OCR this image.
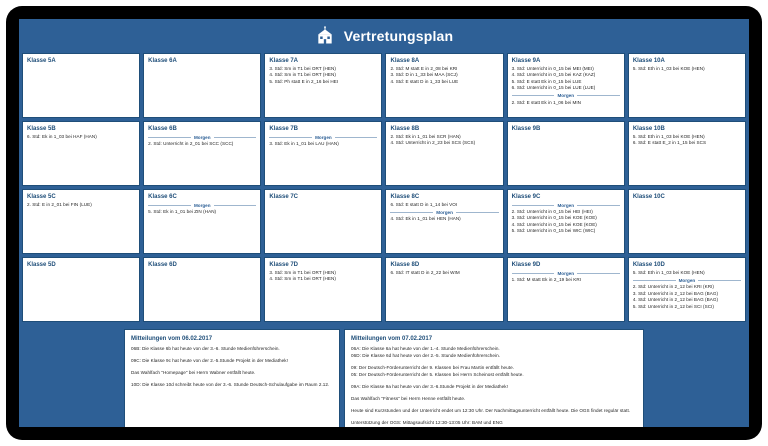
Vertretungsplan
Klasse 5A	Klasse 6A	Klasse 7A
3. Std: Sm in T1 bei ORT (HEN)
4. Std: Sm in T1 bei ORT (HEN)
5. Std: Ph statt E in 2_16 bei HEI
Klasse 8A
2. Std: M statt E in 2_08 bei KRI
3. Std: D in 1_33 bei MAA (SCJ)
4. Std: E statt D in 1_33 bei LUE
Klasse 9A
3. Std: Unterricht in 0_15 bei MEI (MEI)
4. Std: Unterricht in 0_15 bei KAZ (KAZ)
5. Std: E statt Ek in 0_15 bei LUE
6. Std: Unterricht in 0_15 bei LUE (LUE)
Morgen
2. Std: E statt Ek in 1_06 bei MIN
Klasse 10A
5. Std: Eth in 1_03 bei KOE (HEN)
Klasse 5B
6. Std: Ek in 1_03 bei HAF (HAN)
Klasse 6B
Morgen
2. Std: Unterricht in 2_01 bei SCC (SCC)
Klasse 7B
Morgen
3. Std: Ek in 1_01 bei LAU (HAN)
Klasse 8B
2. Std: Ek in 1_01 bei SCR (HAN)
4. Std: Unterricht in 2_23 bei SCS (SCS)
Klasse 9B	Klasse 10B
5. Std: Eth in 1_03 bei KOE (HEN)
6. Std: E statt E_2 in 1_15 bei SCS
Klasse 5C
2. Std: E in 2_01 bei FIN (LUE)
Klasse 6C
Morgen
5. Std: Ek in 1_01 bei ZIN (HAN)
Klasse 7C	Klasse 8C
6. Std: E statt D in 1_14 bei VOI
Morgen
4. Std: Ek in 1_01 bei HEN (HAN)
Klasse 9C
Morgen
2. Std: Unterricht in 0_15 bei HEI (HEI)
3. Std: Unterricht in 0_15 bei KOE (KOE)
4. Std: Unterricht in 0_15 bei KOE (KOE)
5. Std: Unterricht in 0_15 bei WIC (WIC)
Klasse 10C
Klasse 5D	Klasse 6D	Klasse 7D
3. Std: Sm in T1 bei ORT (HEN)
4. Std: Sm in T1 bei ORT (HEN)
Klasse 8D
6. Std: IT statt D in 2_22 bei WIM
Klasse 9D
Morgen
1. Std: M statt Ek in 2_19 bei KRI
Klasse 10D
5. Std: Eth in 1_03 bei KOE (HEN)
Morgen
2. Std: Unterricht in 2_12 bei KRI (KRI)
3. Std: Unterricht in 2_12 bei BAG (BAG)
4. Std: Unterricht in 2_12 bei BAG (BAG)
5. Std: Unterricht in 2_12 bei SCI (SCI)
Mitteilungen vom 06.02.2017
06B: Die Klasse 6b hat heute von der 3.-6. Stunde Medienführerschein.
09C: Die Klasse 9c hat heute von der 2.-5.Stunde Projekt in der Mediathek!
Das Wahlfach "Homepage" bei Herrn Wabner entfällt heute.
10D: Die Klasse 10d schreibt heute von der 3.-6. Stunde Deutsch-Schulaufgabe im Raum 2.12.
Mitteilungen vom 07.02.2017
06A: Die Klasse 6a hat heute von der 1.-4. Stunde Medienführerschein.
06D: Die Klasse 6d hat heute von der 2.-5. Stunde Medienführerschein.
09: Der Deutsch-Förderunterricht der 9. Klassen bei Frau Martin entfällt heute.
05: Der Deutsch-Förderunterricht der 5. Klassen bei Herrn Scheinost entfällt heute.
09A: Die Klasse 9a hat heute von der 3.-6.Stunde Projekt in der Mediathek!
Das Wahlfach "Fitness" bei Herrn Henne entfällt heute.
Heute sind Kurzstunden und der Unterricht endet um 12:30 Uhr. Der Nachmittagsunterricht entfällt heute. Die OGS findet regulär statt.
Unterstützung der OGS: Mittagsaufsicht 12:30-13:05 Uhr: BAM und ENG
